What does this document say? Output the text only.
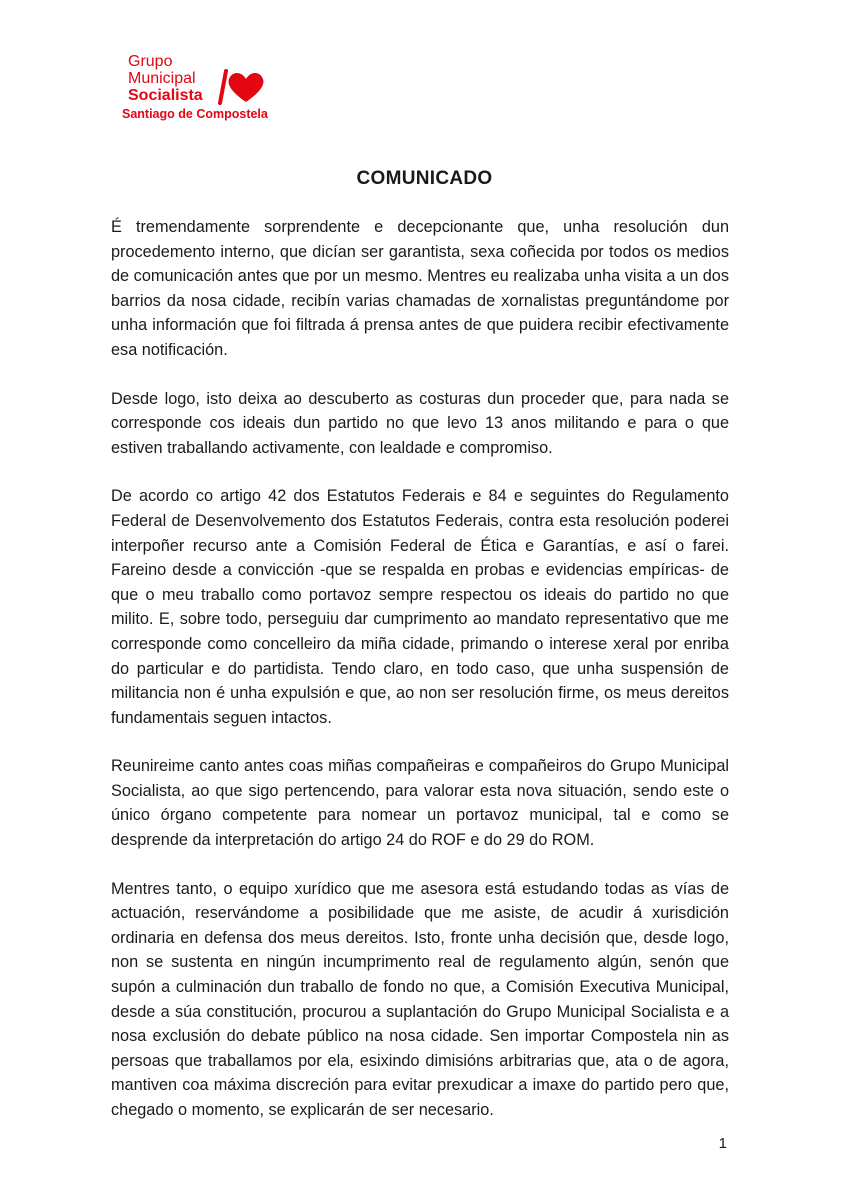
Grupo
Municipal
Socialista
Santiago de Compostela
COMUNICADO

É tremendamente sorprendente e decepcionante que, unha resolución dun procedemento interno, que dicían ser garantista, sexa coñecida por todos os medios de comunicación antes que por un mesmo. Mentres eu realizaba unha visita a un dos barrios da nosa cidade, recibín varias chamadas de xornalistas preguntándome por unha información que foi filtrada á prensa antes de que puidera recibir efectivamente esa notificación.

Desde logo, isto deixa ao descuberto as costuras dun proceder que, para nada se corresponde cos ideais dun partido no que levo 13 anos militando e para o que estiven traballando activamente, con lealdade e compromiso.

De acordo co artigo 42 dos Estatutos Federais e 84 e seguintes do Regulamento Federal de Desenvolvemento dos Estatutos Federais, contra esta resolución poderei interpoñer recurso ante a Comisión Federal de Ética e Garantías, e así o farei. Fareino desde a convicción -que se respalda en probas e evidencias empíricas- de que o meu traballo como portavoz sempre respectou os ideais do partido no que milito. E, sobre todo, perseguiu dar cumprimento ao mandato representativo que me corresponde como concelleiro da miña cidade, primando o interese xeral por enriba do particular e do partidista. Tendo claro, en todo caso, que unha suspensión de militancia non é unha expulsión e que, ao non ser resolución firme, os meus dereitos fundamentais seguen intactos.

Reunireime canto antes coas miñas compañeiras e compañeiros do Grupo Municipal Socialista, ao que sigo pertencendo, para valorar esta nova situación, sendo este o único órgano competente para nomear un portavoz municipal, tal e como se desprende da interpretación do artigo 24 do ROF e do 29 do ROM.

Mentres tanto, o equipo xurídico que me asesora está estudando todas as vías de actuación, reservándome a posibilidade que me asiste, de acudir á xurisdición ordinaria en defensa dos meus dereitos. Isto, fronte unha decisión que, desde logo, non se sustenta en ningún incumprimento real de regulamento algún, senón que supón a culminación dun traballo de fondo no que, a Comisión Executiva Municipal, desde a súa constitución, procurou a suplantación do Grupo Municipal Socialista e a nosa exclusión do debate público na nosa cidade. Sen importar Compostela nin as persoas que traballamos por ela, esixindo dimisións arbitrarias que, ata o de agora, mantiven coa máxima discreción para evitar prexudicar a imaxe do partido pero que, chegado o momento, se explicarán de ser necesario.

1
